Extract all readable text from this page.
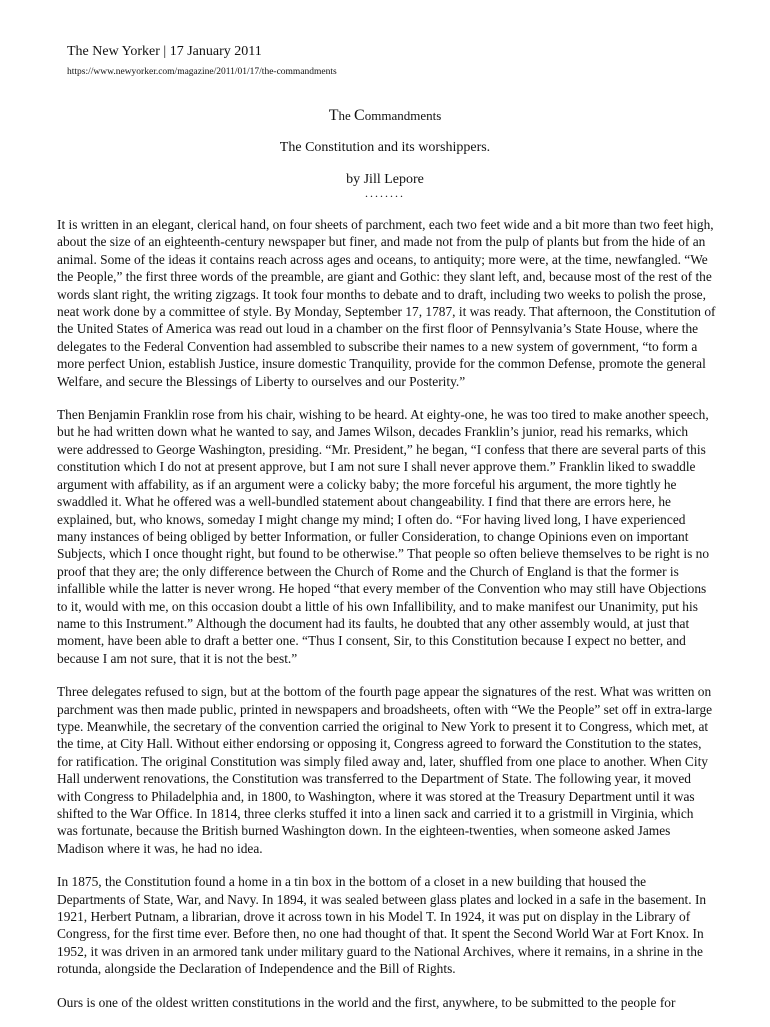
The New Yorker | 17 January 2011
https://www.newyorker.com/magazine/2011/01/17/the-commandments
The Commandments
The Constitution and its worshippers.
by Jill Lepore
........

It is written in an elegant, clerical hand, on four sheets of parchment, each two feet wide and a bit more than two feet high, about the size of an eighteenth-century newspaper but finer, and made not from the pulp of plants but from the hide of an animal. Some of the ideas it contains reach across ages and oceans, to antiquity; more were, at the time, newfangled. “We the People,” the first three words of the preamble, are giant and Gothic: they slant left, and, because most of the rest of the words slant right, the writing zigzags. It took four months to debate and to draft, including two weeks to polish the prose, neat work done by a committee of style. By Monday, September 17, 1787, it was ready. That afternoon, the Constitution of the United States of America was read out loud in a chamber on the first floor of Pennsylvania’s State House, where the delegates to the Federal Convention had assembled to subscribe their names to a new system of government, “to form a more perfect Union, establish Justice, insure domestic Tranquility, provide for the common Defense, promote the general Welfare, and secure the Blessings of Liberty to ourselves and our Posterity.”

Then Benjamin Franklin rose from his chair, wishing to be heard. At eighty-one, he was too tired to make another speech, but he had written down what he wanted to say, and James Wilson, decades Franklin’s junior, read his remarks, which were addressed to George Washington, presiding. “Mr. President,” he began, “I confess that there are several parts of this constitution which I do not at present approve, but I am not sure I shall never approve them.” Franklin liked to swaddle argument with affability, as if an argument were a colicky baby; the more forceful his argument, the more tightly he swaddled it. What he offered was a well-bundled statement about changeability. I find that there are errors here, he explained, but, who knows, someday I might change my mind; I often do. “For having lived long, I have experienced many instances of being obliged by better Information, or fuller Consideration, to change Opinions even on important Subjects, which I once thought right, but found to be otherwise.” That people so often believe themselves to be right is no proof that they are; the only difference between the Church of Rome and the Church of England is that the former is infallible while the latter is never wrong. He hoped “that every member of the Convention who may still have Objections to it, would with me, on this occasion doubt a little of his own Infallibility, and to make manifest our Unanimity, put his name to this Instrument.” Although the document had its faults, he doubted that any other assembly would, at just that moment, have been able to draft a better one. “Thus I consent, Sir, to this Constitution because I expect no better, and because I am not sure, that it is not the best.”

Three delegates refused to sign, but at the bottom of the fourth page appear the signatures of the rest. What was written on parchment was then made public, printed in newspapers and broadsheets, often with “We the People” set off in extra-large type. Meanwhile, the secretary of the convention carried the original to New York to present it to Congress, which met, at the time, at City Hall. Without either endorsing or opposing it, Congress agreed to forward the Constitution to the states, for ratification. The original Constitution was simply filed away and, later, shuffled from one place to another. When City Hall underwent renovations, the Constitution was transferred to the Department of State. The following year, it moved with Congress to Philadelphia and, in 1800, to Washington, where it was stored at the Treasury Department until it was shifted to the War Office. In 1814, three clerks stuffed it into a linen sack and carried it to a gristmill in Virginia, which was fortunate, because the British burned Washington down. In the eighteen-twenties, when someone asked James Madison where it was, he had no idea.

In 1875, the Constitution found a home in a tin box in the bottom of a closet in a new building that housed the Departments of State, War, and Navy. In 1894, it was sealed between glass plates and locked in a safe in the basement. In 1921, Herbert Putnam, a librarian, drove it across town in his Model T. In 1924, it was put on display in the Library of Congress, for the first time ever. Before then, no one had thought of that. It spent the Second World War at Fort Knox. In 1952, it was driven in an armored tank under military guard to the National Archives, where it remains, in a shrine in the rotunda, alongside the Declaration of Independence and the Bill of Rights.

Ours is one of the oldest written constitutions in the world and the first, anywhere, to be submitted to the people for
